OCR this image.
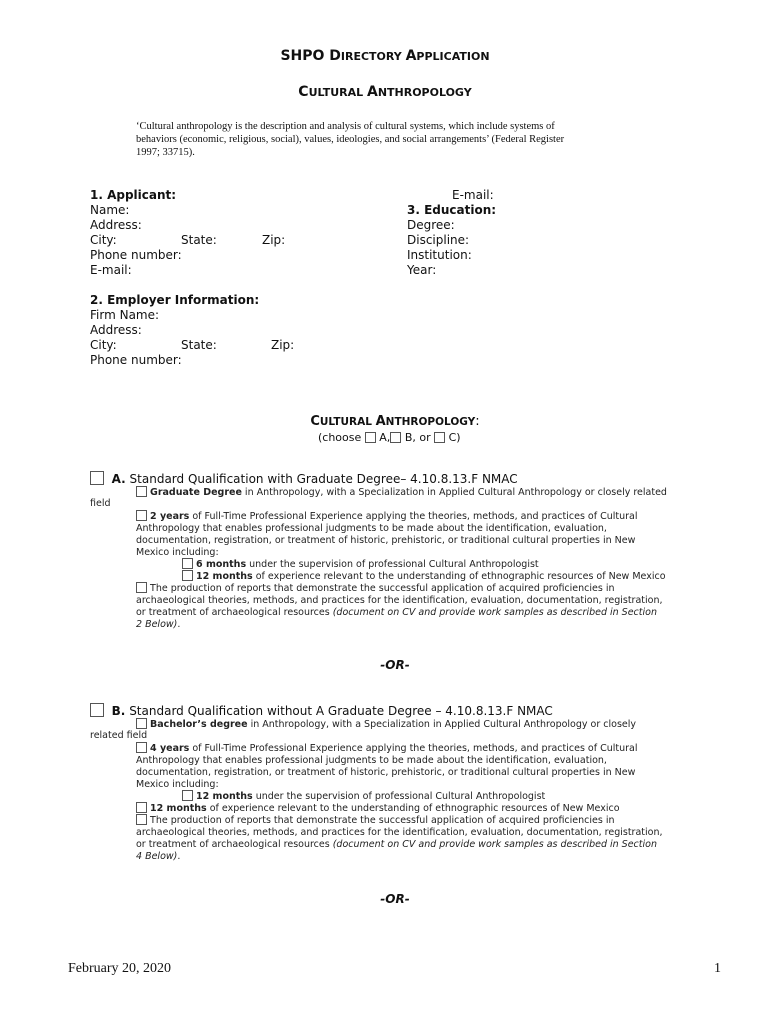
SHPO DIRECTORY APPLICATION
CULTURAL ANTHROPOLOGY
‘Cultural anthropology is the description and analysis of cultural systems, which include systems of
behaviors (economic, religious, social), values, ideologies, and social arrangements’ (Federal Register
1997; 33715).
1. Applicant:
Name:
Address:
City:	State:	Zip:
Phone number:
E-mail:
E-mail:
3. Education:
Degree:
Discipline:
Institution:
Year:
2. Employer Information:
Firm Name:
Address:
City:	State:	Zip:
Phone number:
CULTURAL ANTHROPOLOGY:
(choose  A, B, or C)
A. Standard Qualification with Graduate Degree– 4.10.8.13.F NMAC
Graduate Degree in Anthropology, with a Specialization in Applied Cultural Anthropology or closely related
field
2 years of Full-Time Professional Experience applying the theories, methods, and practices of Cultural
Anthropology that enables professional judgments to be made about the identification, evaluation,
documentation, registration, or treatment of historic, prehistoric, or traditional cultural properties in New
Mexico including:
6 months under the supervision of professional Cultural Anthropologist
12 months of experience relevant to the understanding of ethnographic resources of New Mexico
The production of reports that demonstrate the successful application of acquired proficiencies in
archaeological theories, methods, and practices for the identification, evaluation, documentation, registration,
or treatment of archaeological resources (document on CV and provide work samples as described in Section
2 Below).
-OR-
B. Standard Qualification without A Graduate Degree – 4.10.8.13.F NMAC
Bachelor’s degree in Anthropology, with a Specialization in Applied Cultural Anthropology or closely
related field
4 years of Full-Time Professional Experience applying the theories, methods, and practices of Cultural
Anthropology that enables professional judgments to be made about the identification, evaluation,
documentation, registration, or treatment of historic, prehistoric, or traditional cultural properties in New
Mexico including:
12 months under the supervision of professional Cultural Anthropologist
12 months of experience relevant to the understanding of ethnographic resources of New Mexico
The production of reports that demonstrate the successful application of acquired proficiencies in
archaeological theories, methods, and practices for the identification, evaluation, documentation, registration,
or treatment of archaeological resources (document on CV and provide work samples as described in Section
4 Below).
-OR-
February 20, 2020	1
